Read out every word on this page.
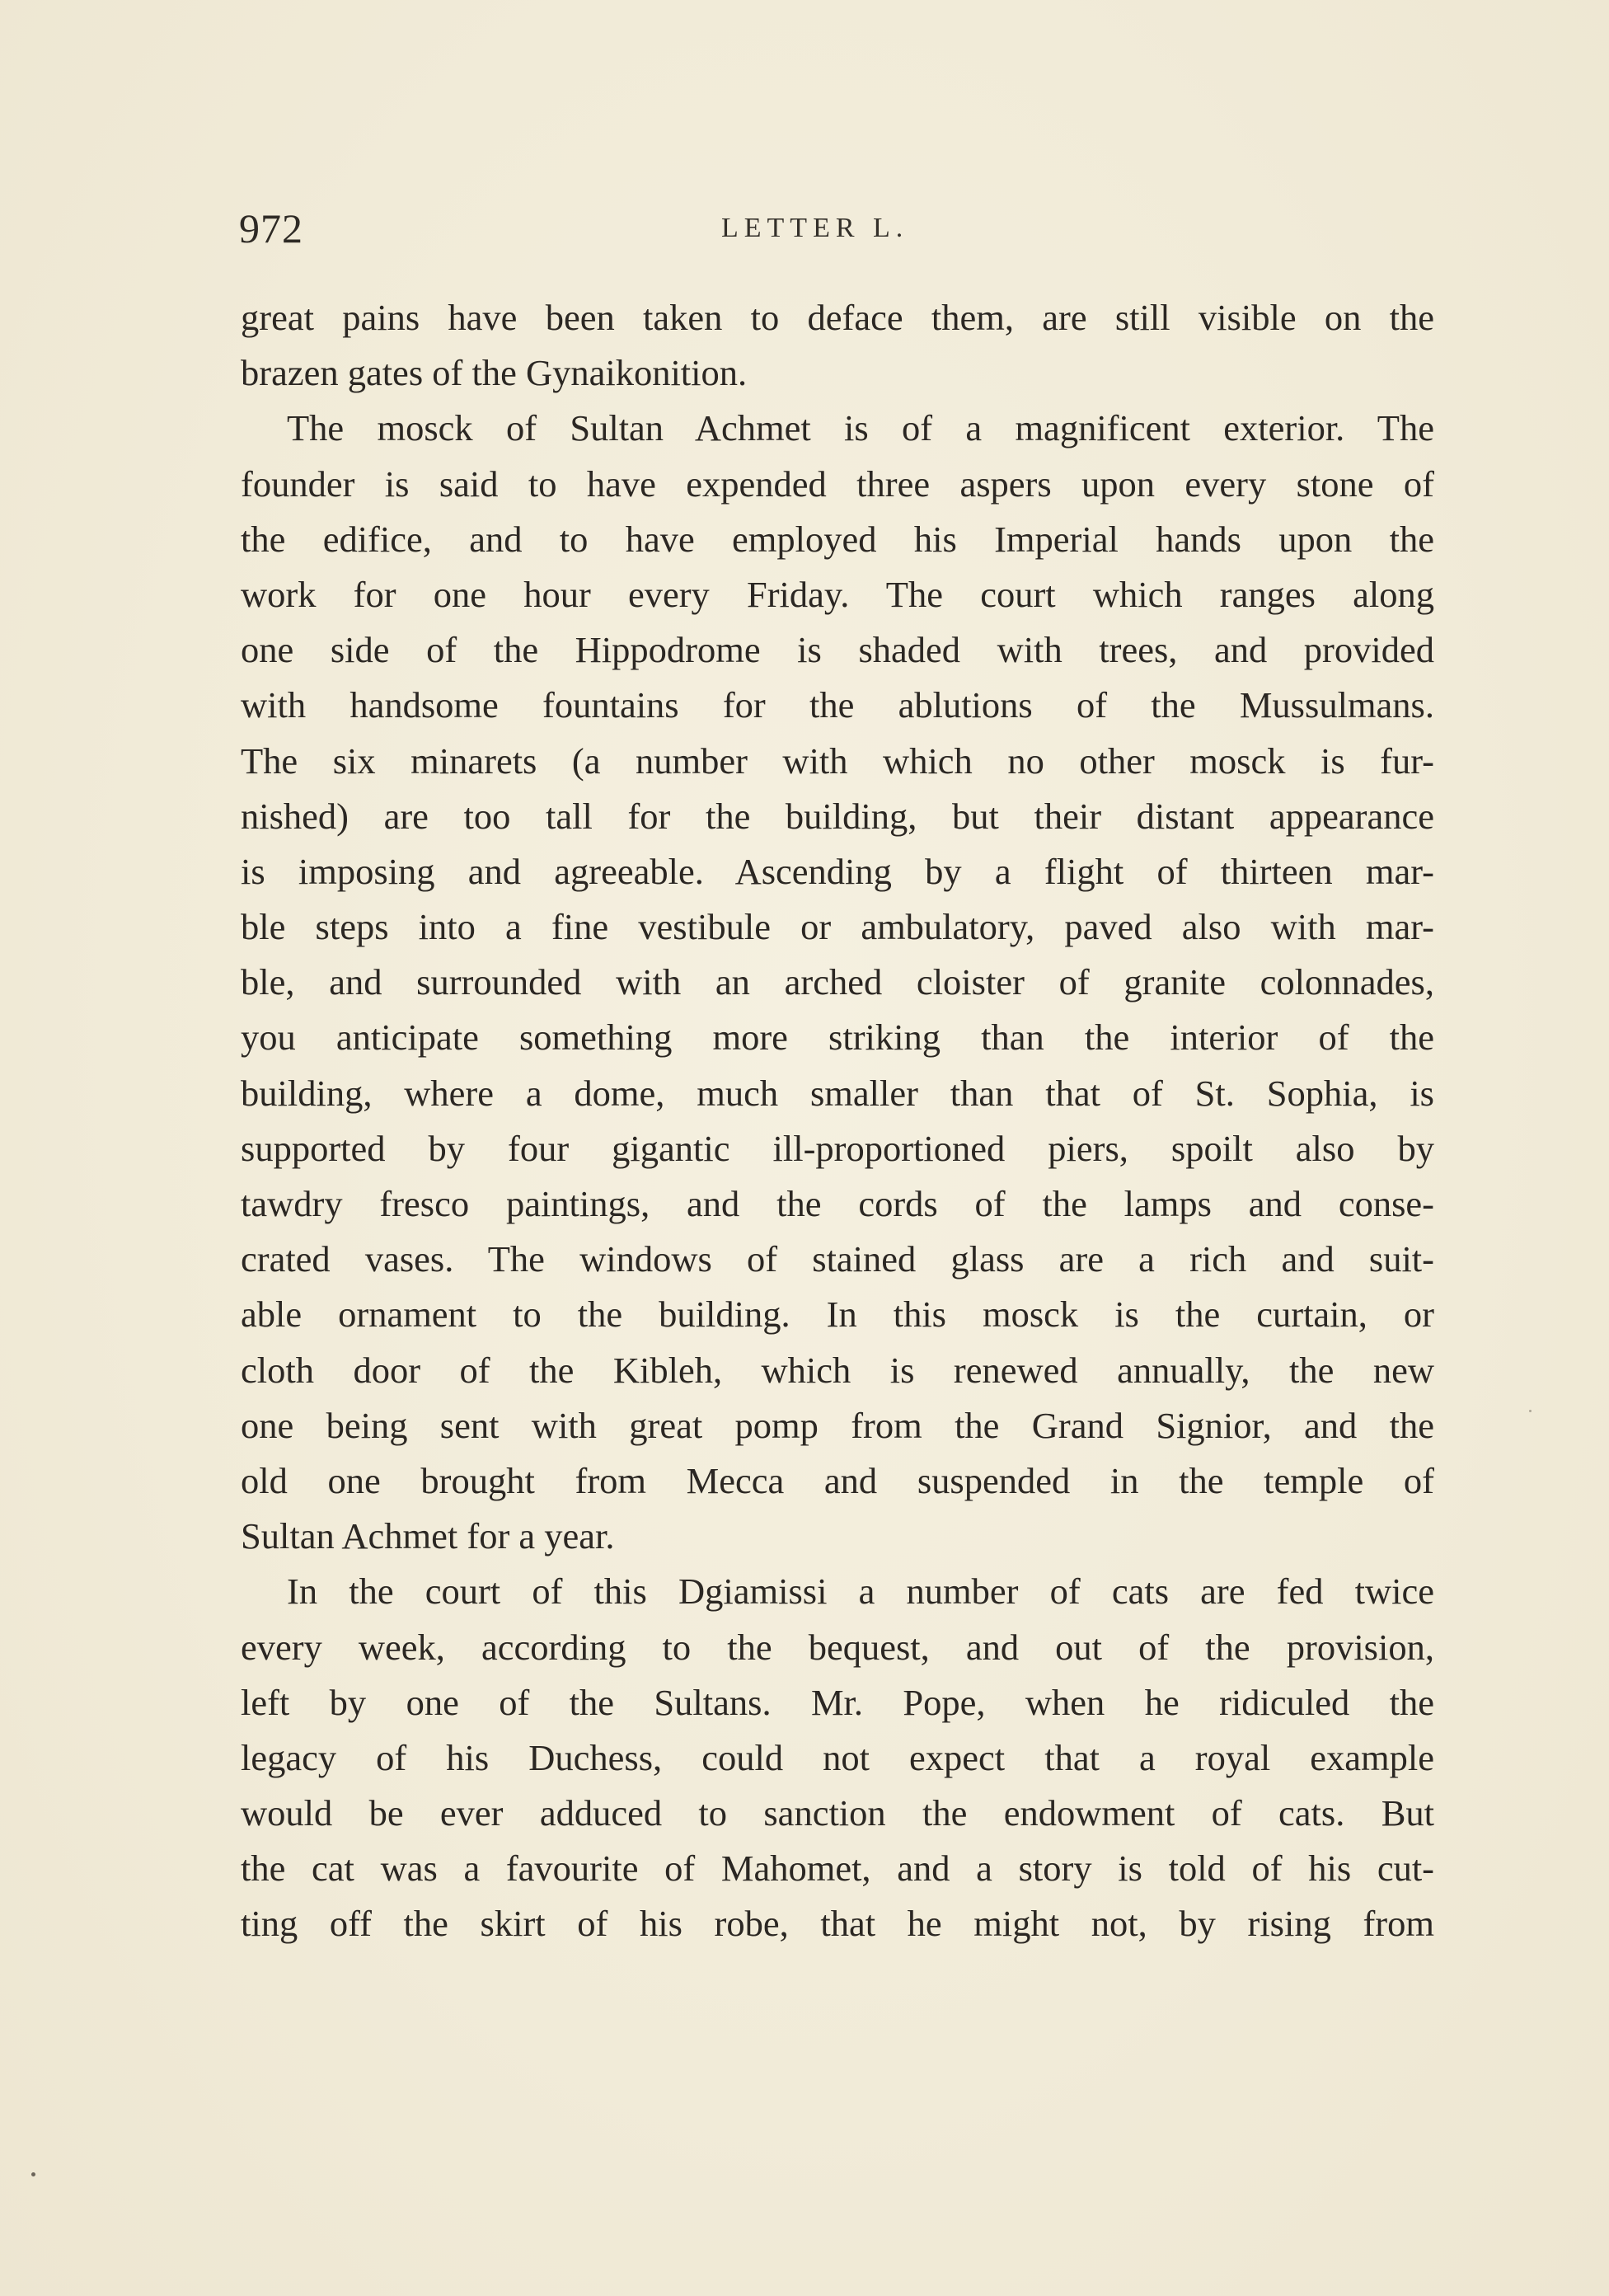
972	LETTER L.
great pains have been taken to deface them, are still visible on the
brazen gates of the Gynaikonition.
The mosck of Sultan Achmet is of a magnificent exterior. The
founder is said to have expended three aspers upon every stone of
the edifice, and to have employed his Imperial hands upon the
work for one hour every Friday. The court which ranges along
one side of the Hippodrome is shaded with trees, and provided
with handsome fountains for the ablutions of the Mussulmans.
The six minarets (a number with which no other mosck is fur-
nished) are too tall for the building, but their distant appearance
is imposing and agreeable. Ascending by a flight of thirteen mar-
ble steps into a fine vestibule or ambulatory, paved also with mar-
ble, and surrounded with an arched cloister of granite colonnades,
you anticipate something more striking than the interior of the
building, where a dome, much smaller than that of St. Sophia, is
supported by four gigantic ill-proportioned piers, spoilt also by
tawdry fresco paintings, and the cords of the lamps and conse-
crated vases. The windows of stained glass are a rich and suit-
able ornament to the building. In this mosck is the curtain, or
cloth door of the Kibleh, which is renewed annually, the new
one being sent with great pomp from the Grand Signior, and the
old one brought from Mecca and suspended in the temple of
Sultan Achmet for a year.
In the court of this Dgiamissi a number of cats are fed twice
every week, according to the bequest, and out of the provision,
left by one of the Sultans. Mr. Pope, when he ridiculed the
legacy of his Duchess, could not expect that a royal example
would be ever adduced to sanction the endowment of cats. But
the cat was a favourite of Mahomet, and a story is told of his cut-
ting off the skirt of his robe, that he might not, by rising from
